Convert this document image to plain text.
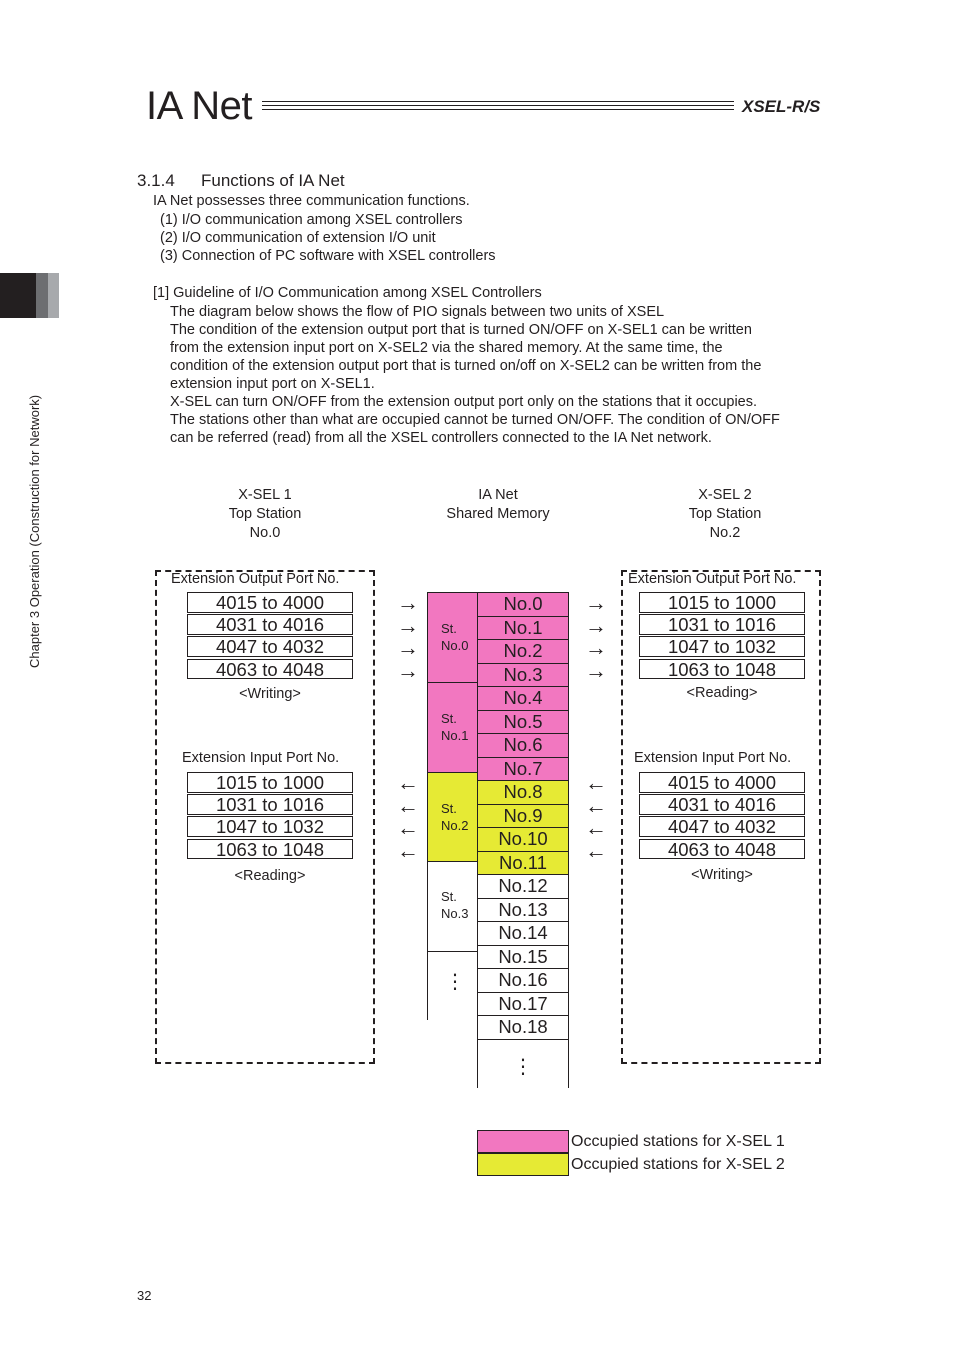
IA Net	XSEL-R/S
Chapter 3 Operation (Construction for Network)
3.1.4 Functions of IA Net
IA Net possesses three communication functions.
(1) I/O communication among XSEL controllers
(2) I/O communication of extension I/O unit
(3) Connection of PC software with XSEL controllers
[1] Guideline of I/O Communication among XSEL Controllers
The diagram below shows the flow of PIO signals between two units of XSEL
The condition of the extension output port that is turned ON/OFF on X-SEL1 can be written
from the extension input port on X-SEL2 via the shared memory. At the same time, the
condition of the extension output port that is turned on/off on X-SEL2 can be written from the
extension input port on X-SEL1.
X-SEL can turn ON/OFF from the extension output port only on the stations that it occupies.
The stations other than what are occupied cannot be turned ON/OFF. The condition of ON/OFF
can be referred (read) from all the XSEL controllers connected to the IA Net network.
X-SEL 1
Top Station
No.0
IA Net
Shared Memory
X-SEL 2
Top Station
No.2
Extension Output Port No.
4015 to 4000
4031 to 4016
4047 to 4032
4063 to 4048
<Writing>
Extension Input Port No.
1015 to 1000
1031 to 1016
1047 to 1032
1063 to 1048
<Reading>
Extension Output Port No.
1015 to 1000
1031 to 1016
1047 to 1032
1063 to 1048
<Reading>
Extension Input Port No.
4015 to 4000
4031 to 4016
4047 to 4032
4063 to 4048
<Writing>
→
→
→
→
→
→
→
→
←
←
←
←
←
←
←
←
St.
No.0
St.
No.1
St.
No.2
St.
No.3
⋮
No.0
No.1
No.2
No.3
No.4
No.5
No.6
No.7
No.8
No.9
No.10
No.11
No.12
No.13
No.14
No.15
No.16
No.17
No.18
⋮
Occupied stations for X-SEL 1
Occupied stations for X-SEL 2
32
